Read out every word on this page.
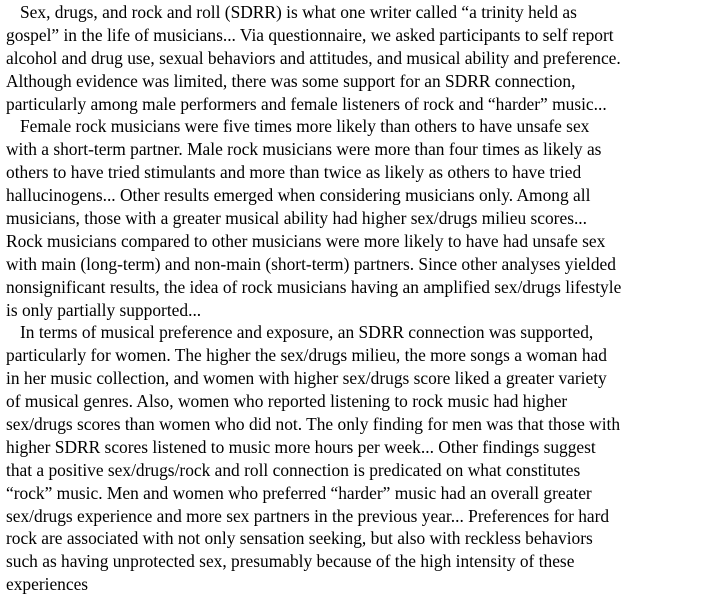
Sex, drugs, and rock and roll (SDRR) is what one writer called “a trinity held as
gospel” in the life of musicians... Via questionnaire, we asked participants to self report
alcohol and drug use, sexual behaviors and attitudes, and musical ability and preference.
Although evidence was limited, there was some support for an SDRR connection,
particularly among male performers and female listeners of rock and “harder” music...
Female rock musicians were five times more likely than others to have unsafe sex
with a short-term partner. Male rock musicians were more than four times as likely as
others to have tried stimulants and more than twice as likely as others to have tried
hallucinogens... Other results emerged when considering musicians only. Among all
musicians, those with a greater musical ability had higher sex/drugs milieu scores...
Rock musicians compared to other musicians were more likely to have had unsafe sex
with main (long-term) and non-main (short-term) partners. Since other analyses yielded
nonsignificant results, the idea of rock musicians having an amplified sex/drugs lifestyle
is only partially supported...
In terms of musical preference and exposure, an SDRR connection was supported,
particularly for women. The higher the sex/drugs milieu, the more songs a woman had
in her music collection, and women with higher sex/drugs score liked a greater variety
of musical genres. Also, women who reported listening to rock music had higher
sex/drugs scores than women who did not. The only finding for men was that those with
higher SDRR scores listened to music more hours per week... Other findings suggest
that a positive sex/drugs/rock and roll connection is predicated on what constitutes
“rock” music. Men and women who preferred “harder” music had an overall greater
sex/drugs experience and more sex partners in the previous year... Preferences for hard
rock are associated with not only sensation seeking, but also with reckless behaviors
such as having unprotected sex, presumably because of the high intensity of these
experiences
